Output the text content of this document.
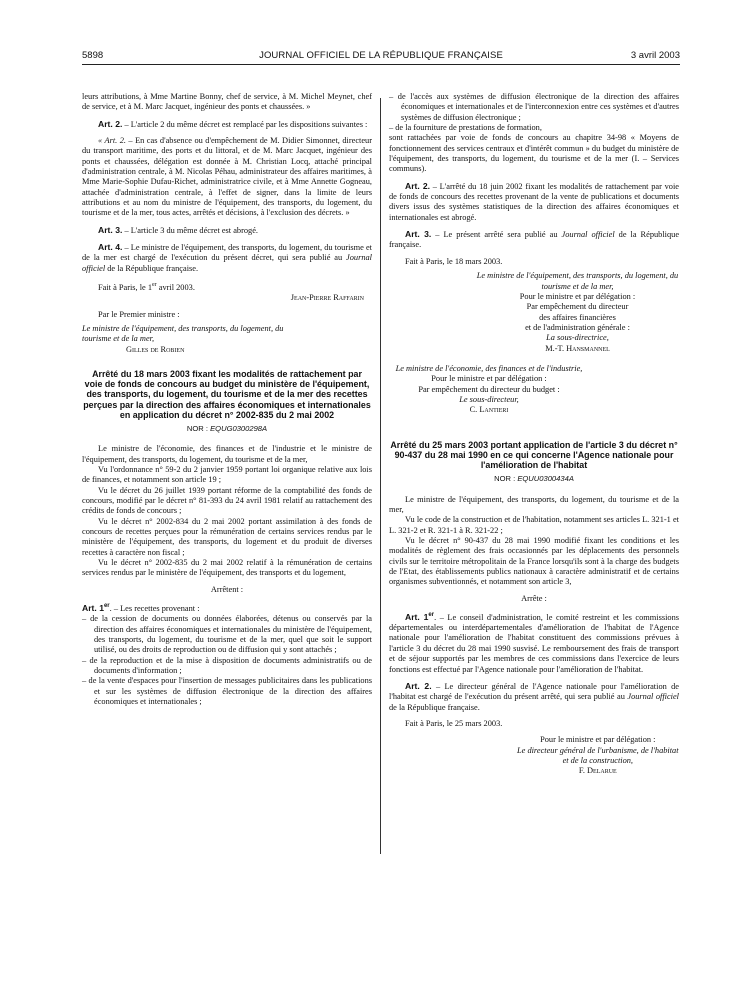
5898	JOURNAL OFFICIEL DE LA RÉPUBLIQUE FRANÇAISE	3 avril 2003

leurs attributions, à Mme Martine Bonny, chef de service, à M. Michel Meynet, chef de service, et à M. Marc Jacquet, ingénieur des ponts et chaussées. »

Art. 2. – L'article 2 du même décret est remplacé par les dispositions suivantes :

« Art. 2. – En cas d'absence ou d'empêchement de M. Didier Simonnet, directeur du transport maritime, des ports et du littoral, et de M. Marc Jacquet, ingénieur des ponts et chaussées, délégation est donnée à M. Christian Locq, attaché principal d'administration centrale, à M. Nicolas Péhau, administrateur des affaires maritimes, à Mme Marie-Sophie Dufau-Richet, administratrice civile, et à Mme Annette Gogneau, attachée d'administration centrale, à l'effet de signer, dans la limite de leurs attributions et au nom du ministre de l'équipement, des transports, du logement, du tourisme et de la mer, tous actes, arrêtés et décisions, à l'exclusion des décrets. »

Art. 3. – L'article 3 du même décret est abrogé.

Art. 4. – Le ministre de l'équipement, des transports, du logement, du tourisme et de la mer est chargé de l'exécution du présent décret, qui sera publié au Journal officiel de la République française.

Fait à Paris, le 1er avril 2003.

Jean-Pierre Raffarin

Par le Premier ministre :

Le ministre de l'équipement, des transports, du logement, du tourisme et de la mer,

Gilles de Robien

Arrêté du 18 mars 2003 fixant les modalités de rattachement par voie de fonds de concours au budget du ministère de l'équipement, des transports, du logement, du tourisme et de la mer des recettes perçues par la direction des affaires économiques et internationales en application du décret n° 2002-835 du 2 mai 2002
NOR : EQUG0300298A

Le ministre de l'économie, des finances et de l'industrie et le ministre de l'équipement, des transports, du logement, du tourisme et de la mer,

Vu l'ordonnance n° 59-2 du 2 janvier 1959 portant loi organique relative aux lois de finances, et notamment son article 19 ;

Vu le décret du 26 juillet 1939 portant réforme de la comptabilité des fonds de concours, modifié par le décret n° 81-393 du 24 avril 1981 relatif au rattachement des crédits de fonds de concours ;

Vu le décret n° 2002-834 du 2 mai 2002 portant assimilation à des fonds de concours de recettes perçues pour la rémunération de certains services rendus par le ministère de l'équipement, des transports, du logement et du produit de diverses recettes à caractère non fiscal ;

Vu le décret n° 2002-835 du 2 mai 2002 relatif à la rémunération de certains services rendus par le ministère de l'équipement, des transports et du logement,

Arrêtent :

Art. 1er. – Les recettes provenant :

– de la cession de documents ou données élaborées, détenus ou conservés par la direction des affaires économiques et internationales du ministère de l'équipement, des transports, du logement, du tourisme et de la mer, quel que soit le support utilisé, ou des droits de reproduction ou de diffusion qui y sont attachés ;

– de la reproduction et de la mise à disposition de documents administratifs ou de documents d'information ;

– de la vente d'espaces pour l'insertion de messages publicitaires dans les publications et sur les systèmes de diffusion électronique de la direction des affaires économiques et internationales ;

– de l'accès aux systèmes de diffusion électronique de la direction des affaires économiques et internationales et de l'interconnexion entre ces systèmes et d'autres systèmes de diffusion électronique ;

– de la fourniture de prestations de formation,

sont rattachées par voie de fonds de concours au chapitre 34-98 « Moyens de fonctionnement des services centraux et d'intérêt commun » du budget du ministère de l'équipement, des transports, du logement, du tourisme et de la mer (I. – Services communs).

Art. 2. – L'arrêté du 18 juin 2002 fixant les modalités de rattachement par voie de fonds de concours des recettes provenant de la vente de publications et documents divers issus des systèmes statistiques de la direction des affaires économiques et internationales est abrogé.

Art. 3. – Le présent arrêté sera publié au Journal officiel de la République française.

Fait à Paris, le 18 mars 2003.

Le ministre de l'équipement, des transports, du logement, du tourisme et de la mer,

Pour le ministre et par délégation :

Par empêchement du directeur

des affaires financières

et de l'administration générale :

La sous-directrice,

M.-T. Hansmannel

Le ministre de l'économie, des finances et de l'industrie,

Pour le ministre et par délégation :

Par empêchement du directeur du budget :

Le sous-directeur,

C. Lantieri

Arrêté du 25 mars 2003 portant application de l'article 3 du décret n° 90-437 du 28 mai 1990 en ce qui concerne l'Agence nationale pour l'amélioration de l'habitat
NOR : EQUU0300434A

Le ministre de l'équipement, des transports, du logement, du tourisme et de la mer,

Vu le code de la construction et de l'habitation, notamment ses articles L. 321-1 et L. 321-2 et R. 321-1 à R. 321-22 ;

Vu le décret n° 90-437 du 28 mai 1990 modifié fixant les conditions et les modalités de règlement des frais occasionnés par les déplacements des personnels civils sur le territoire métropolitain de la France lorsqu'ils sont à la charge des budgets de l'Etat, des établissements publics nationaux à caractère administratif et de certains organismes subventionnés, et notamment son article 3,

Arrête :

Art. 1er. – Le conseil d'administration, le comité restreint et les commissions départementales ou interdépartementales d'amélioration de l'habitat de l'Agence nationale pour l'amélioration de l'habitat constituent des commissions prévues à l'article 3 du décret du 28 mai 1990 susvisé. Le remboursement des frais de transport et de séjour supportés par les membres de ces commissions dans l'exercice de leurs fonctions est effectué par l'Agence nationale pour l'amélioration de l'habitat.

Art. 2. – Le directeur général de l'Agence nationale pour l'amélioration de l'habitat est chargé de l'exécution du présent arrêté, qui sera publié au Journal officiel de la République française.

Fait à Paris, le 25 mars 2003.

Pour le ministre et par délégation :

Le directeur général de l'urbanisme, de l'habitat et de la construction,

F. Delarue
